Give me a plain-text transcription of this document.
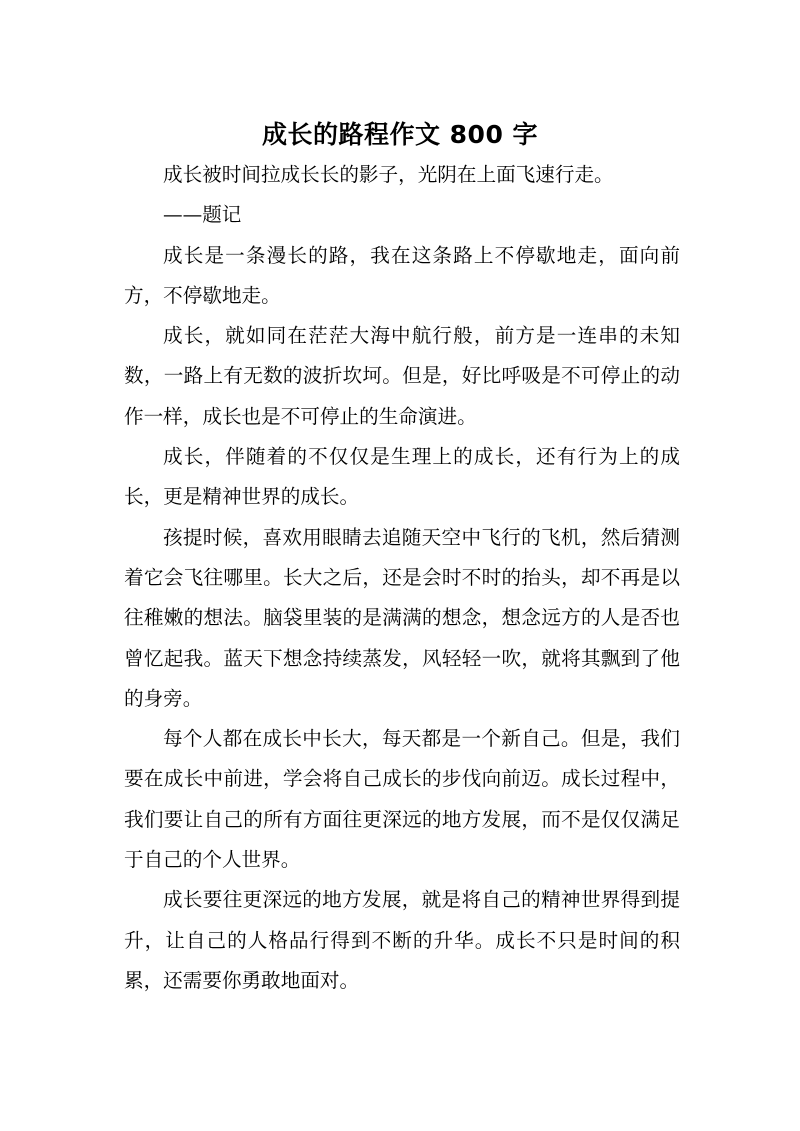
成长的路程作文 800 字

成长被时间拉成长长的影子，光阴在上面飞速行走。

——题记

成长是一条漫长的路，我在这条路上不停歇地走，面向前方，不停歇地走。

成长，就如同在茫茫大海中航行般，前方是一连串的未知数，一路上有无数的波折坎坷。但是，好比呼吸是不可停止的动作一样，成长也是不可停止的生命演进。

成长，伴随着的不仅仅是生理上的成长，还有行为上的成长，更是精神世界的成长。

孩提时候，喜欢用眼睛去追随天空中飞行的飞机，然后猜测着它会飞往哪里。长大之后，还是会时不时的抬头，却不再是以往稚嫩的想法。脑袋里装的是满满的想念，想念远方的人是否也曾忆起我。蓝天下想念持续蒸发，风轻轻一吹，就将其飘到了他的身旁。

每个人都在成长中长大，每天都是一个新自己。但是，我们要在成长中前进，学会将自己成长的步伐向前迈。成长过程中，我们要让自己的所有方面往更深远的地方发展，而不是仅仅满足于自己的个人世界。

成长要往更深远的地方发展，就是将自己的精神世界得到提升，让自己的人格品行得到不断的升华。成长不只是时间的积累，还需要你勇敢地面对。
